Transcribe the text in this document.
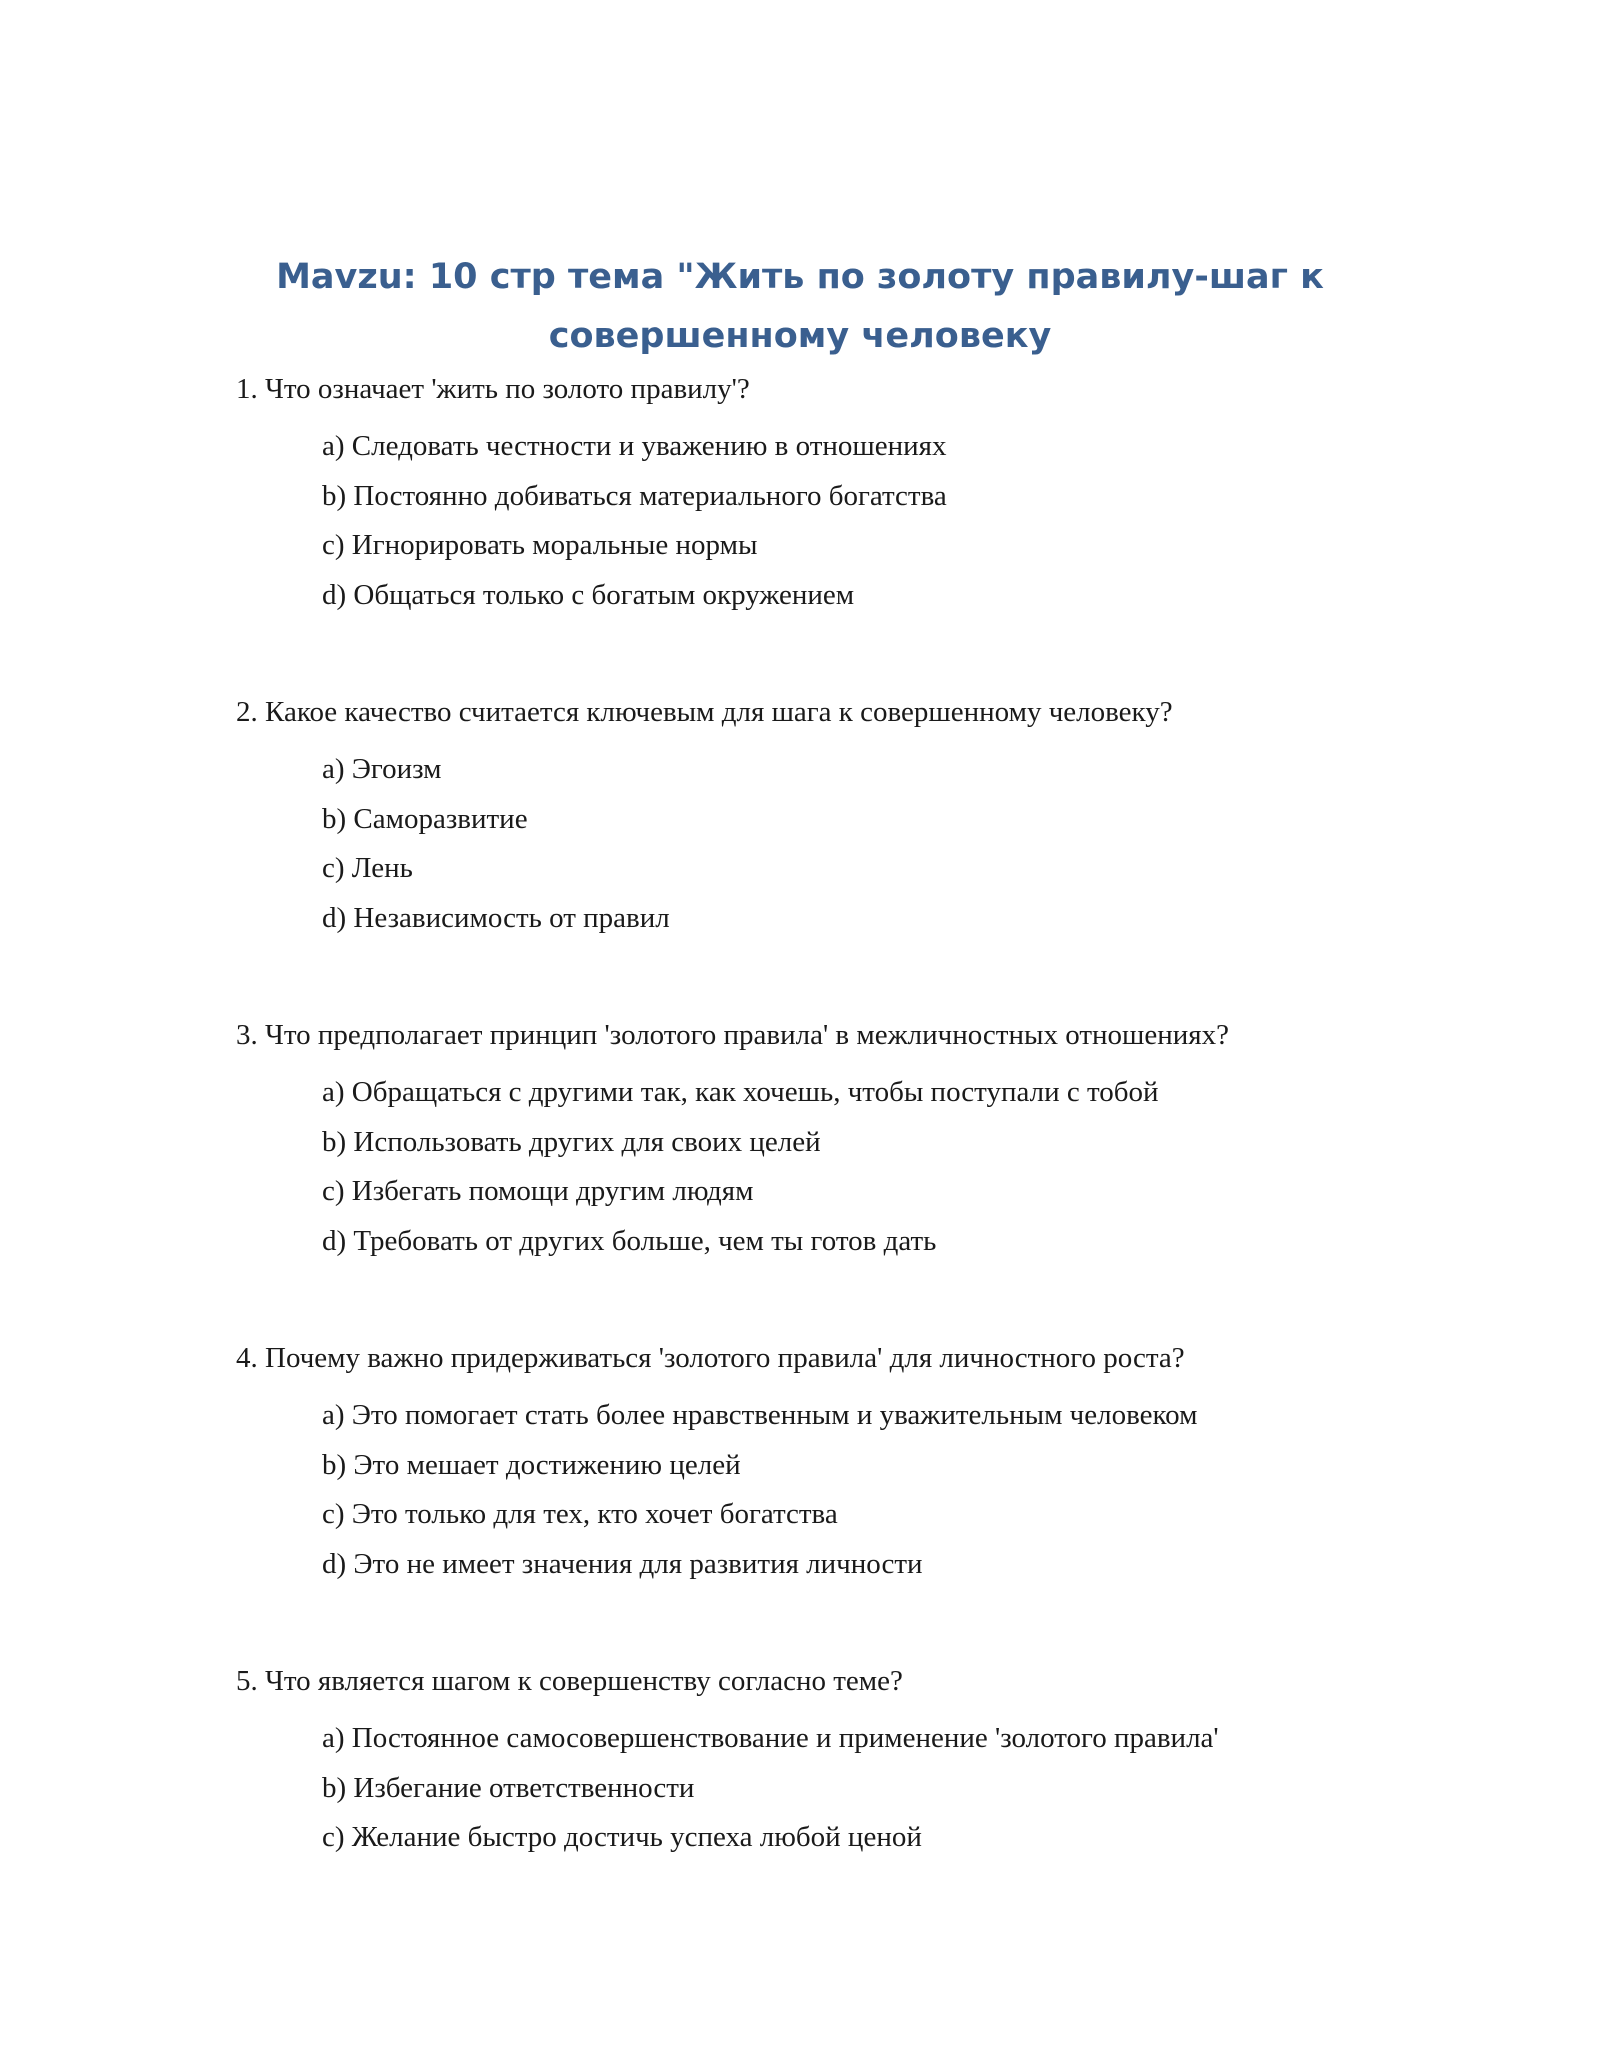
Mavzu: 10 стр тема "Жить по золоту правилу-шаг к
совершенному человеку
1. Что означает 'жить по золото правилу'?
a) Следовать честности и уважению в отношениях
b) Постоянно добиваться материального богатства
c) Игнорировать моральные нормы
d) Общаться только с богатым окружением
2. Какое качество считается ключевым для шага к совершенному человеку?
a) Эгоизм
b) Саморазвитие
c) Лень
d) Независимость от правил
3. Что предполагает принцип 'золотого правила' в межличностных отношениях?
a) Обращаться с другими так, как хочешь, чтобы поступали с тобой
b) Использовать других для своих целей
c) Избегать помощи другим людям
d) Требовать от других больше, чем ты готов дать
4. Почему важно придерживаться 'золотого правила' для личностного роста?
a) Это помогает стать более нравственным и уважительным человеком
b) Это мешает достижению целей
c) Это только для тех, кто хочет богатства
d) Это не имеет значения для развития личности
5. Что является шагом к совершенству согласно теме?
a) Постоянное самосовершенствование и применение 'золотого правила'
b) Избегание ответственности
c) Желание быстро достичь успеха любой ценой
